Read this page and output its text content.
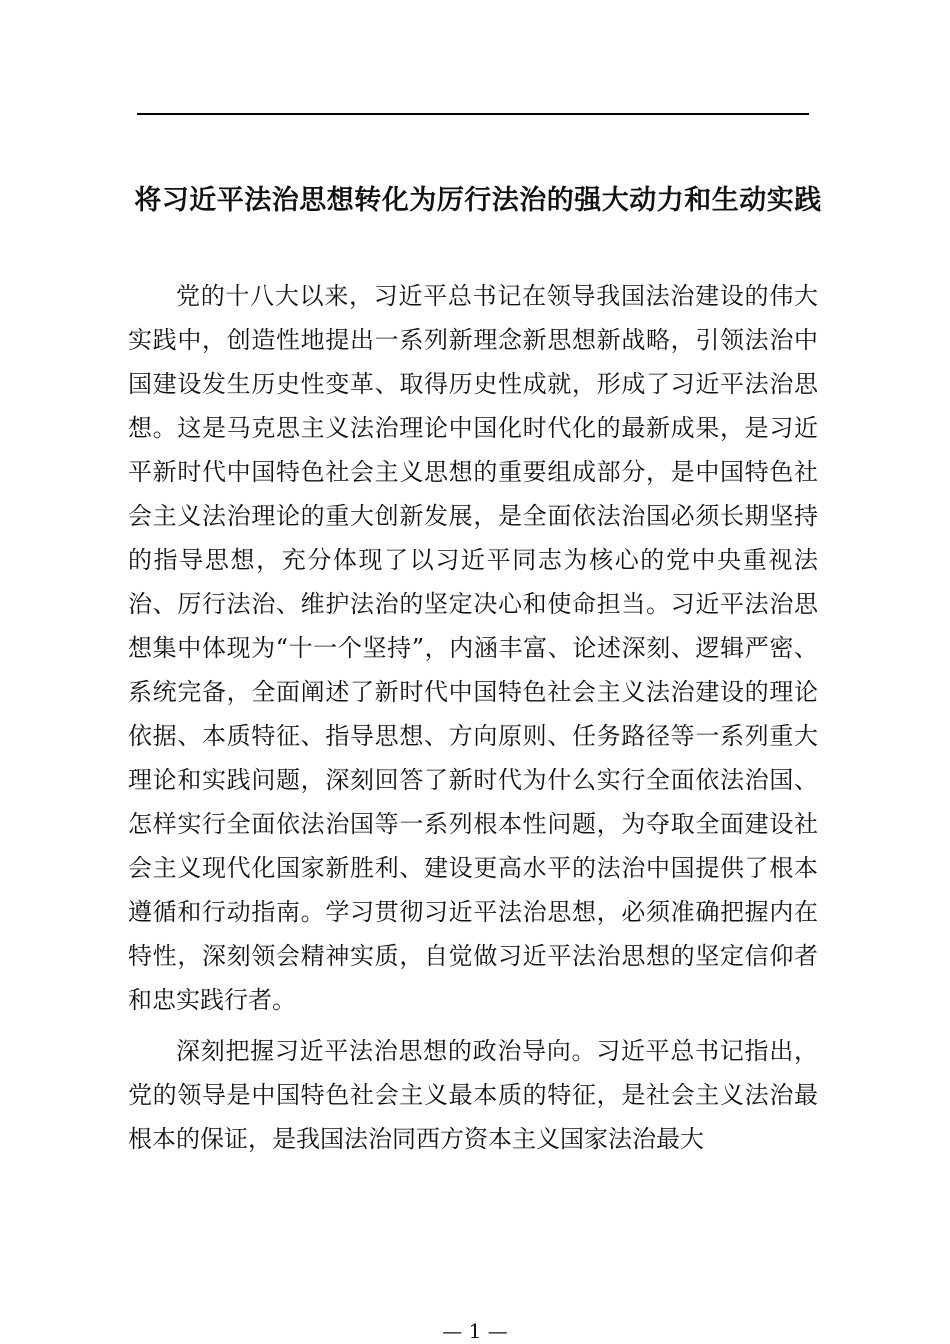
将习近平法治思想转化为厉行法治的强大动力和生动实践

党的十八大以来，习近平总书记在领导我国法治建设的伟大实践中，创造性地提出一系列新理念新思想新战略，引领法治中国建设发生历史性变革、取得历史性成就，形成了习近平法治思想。这是马克思主义法治理论中国化时代化的最新成果，是习近平新时代中国特色社会主义思想的重要组成部分，是中国特色社会主义法治理论的重大创新发展，是全面依法治国必须长期坚持的指导思想，充分体现了以习近平同志为核心的党中央重视法治、厉行法治、维护法治的坚定决心和使命担当。习近平法治思想集中体现为“十一个坚持”，内涵丰富、论述深刻、逻辑严密、系统完备，全面阐述了新时代中国特色社会主义法治建设的理论依据、本质特征、指导思想、方向原则、任务路径等一系列重大理论和实践问题，深刻回答了新时代为什么实行全面依法治国、怎样实行全面依法治国等一系列根本性问题，为夺取全面建设社会主义现代化国家新胜利、建设更高水平的法治中国提供了根本遵循和行动指南。学习贯彻习近平法治思想，必须准确把握内在特性，深刻领会精神实质，自觉做习近平法治思想的坚定信仰者和忠实践行者。

深刻把握习近平法治思想的政治导向。习近平总书记指出，党的领导是中国特色社会主义最本质的特征，是社会主义法治最根本的保证，是我国法治同西方资本主义国家法治最大

— 1 —
